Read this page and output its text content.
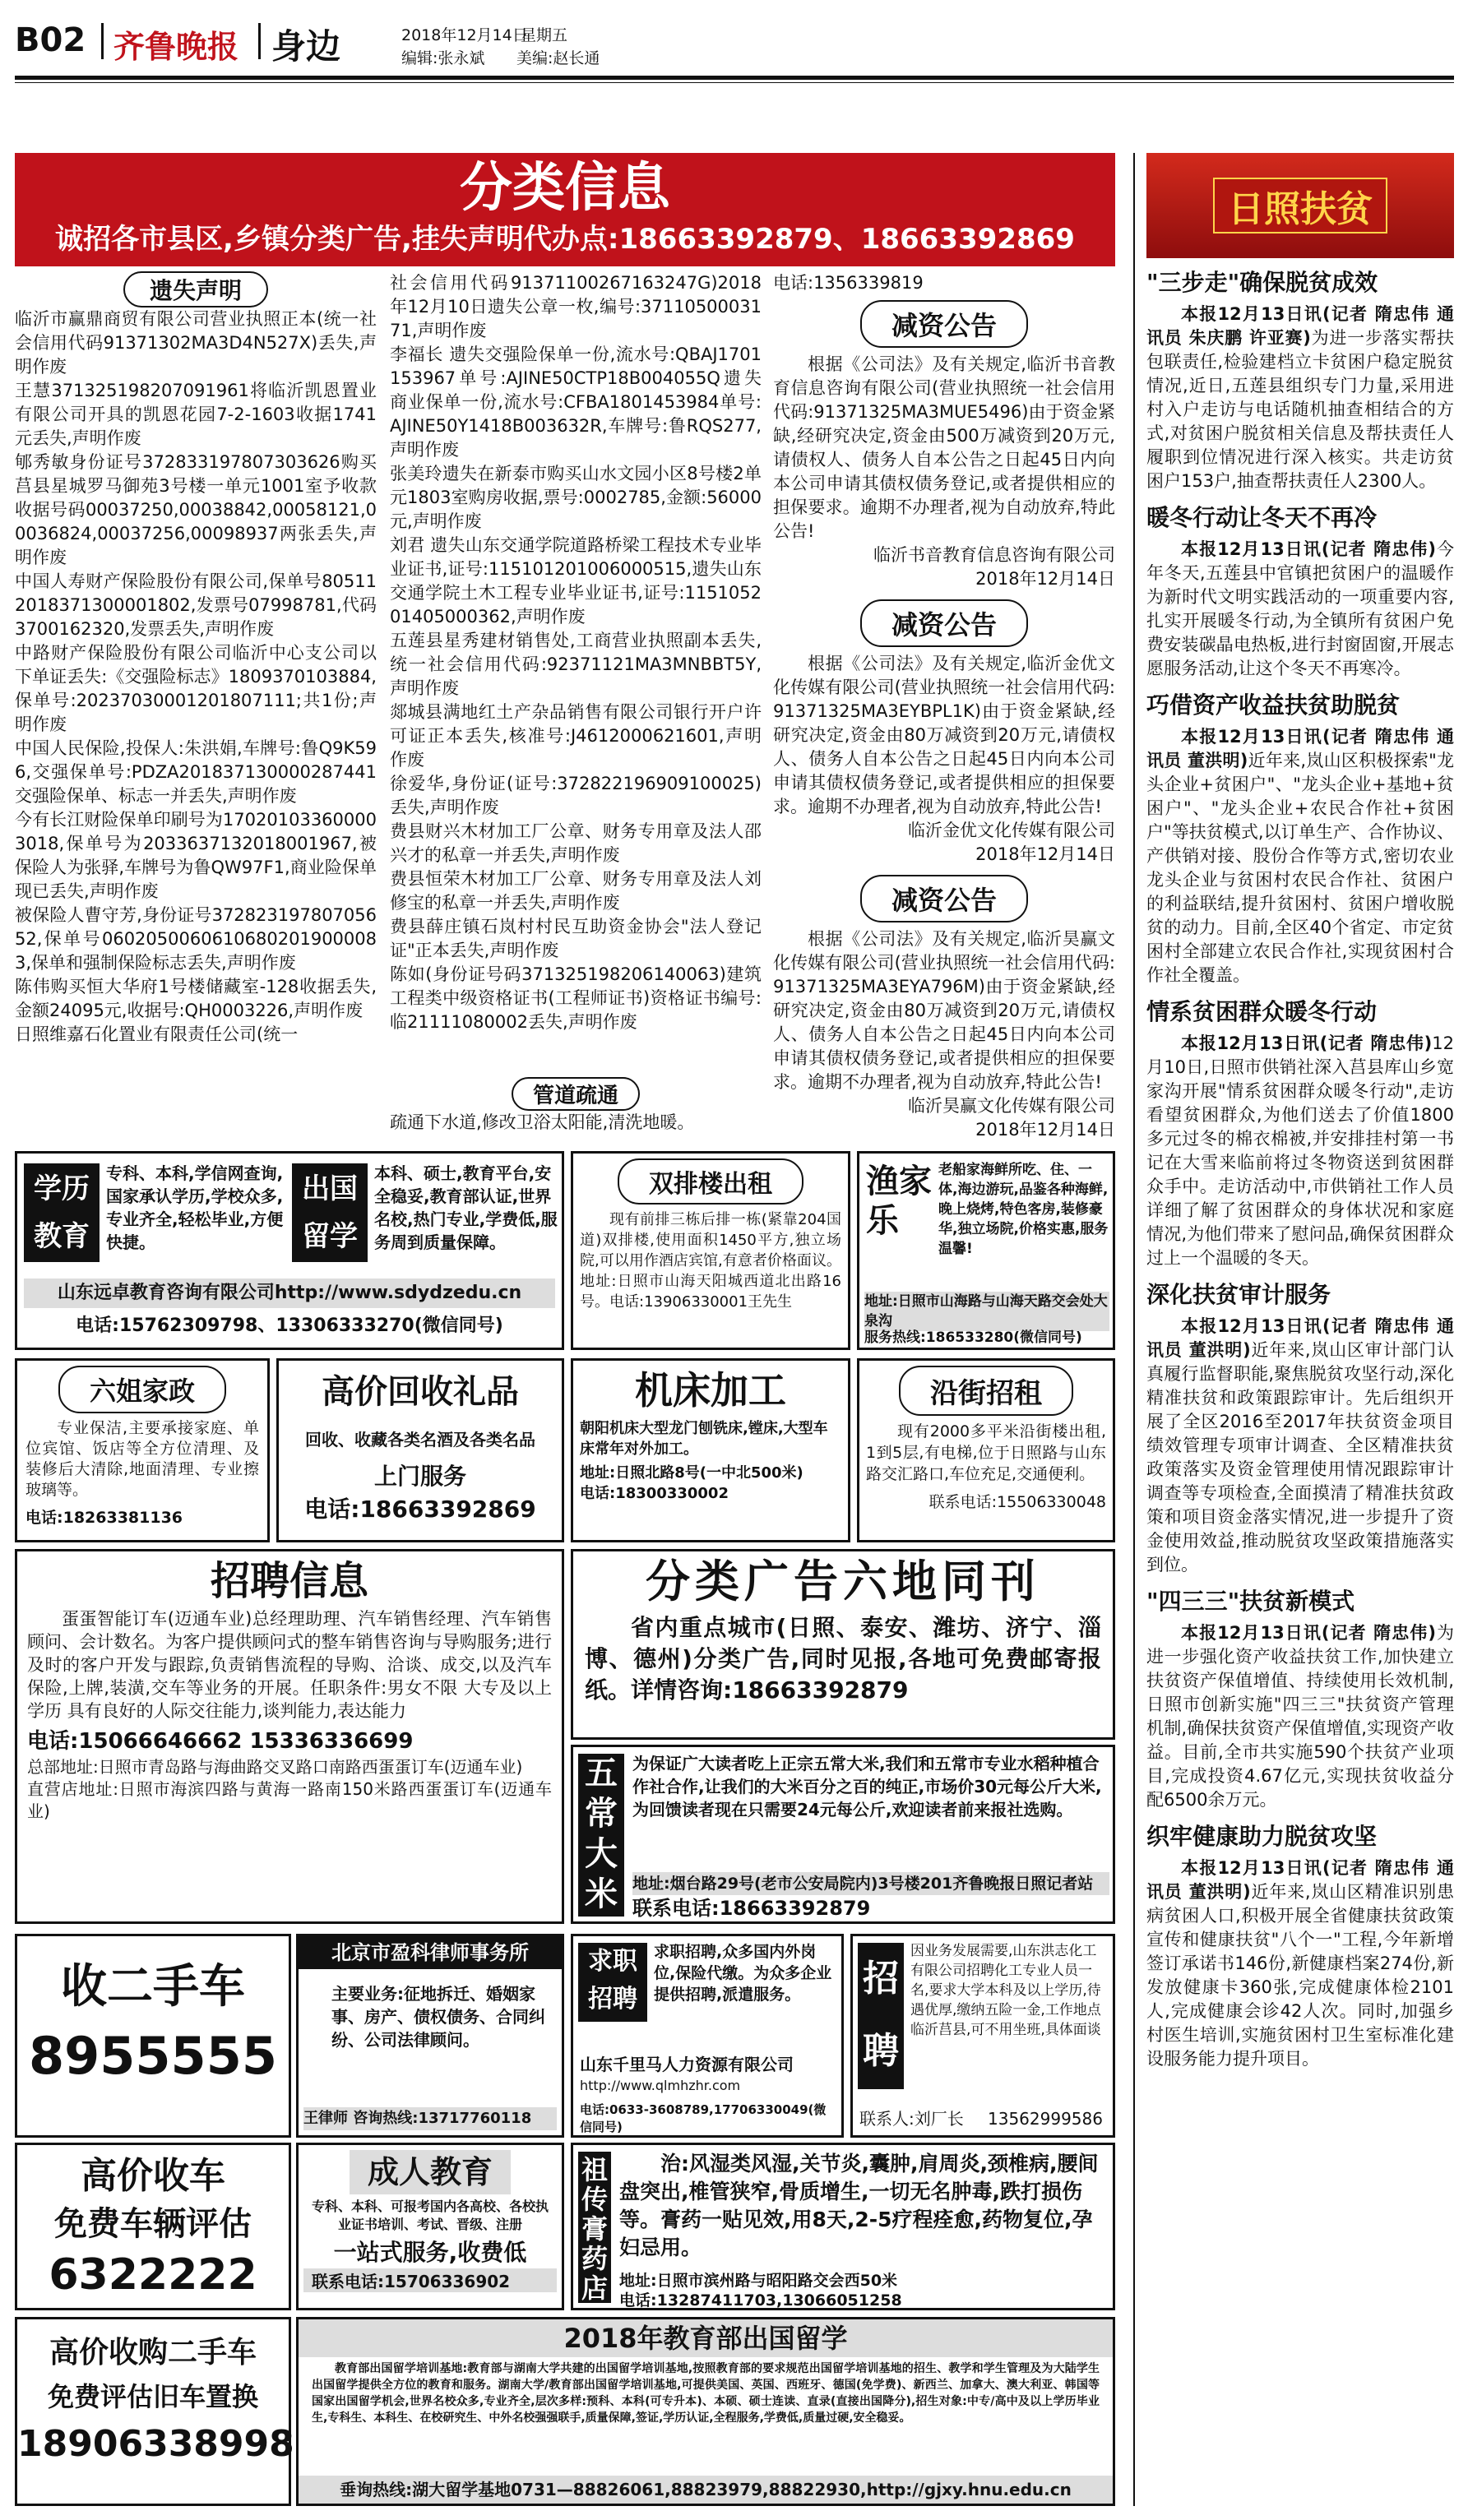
B02 齐鲁晚报 身边	2018年12月14日
星期五
编辑:张永斌 美编:赵长通
分类信息
诚招各市县区,乡镇分类广告,挂失声明代办点:18663392879、18663392869
遗失声明
临沂市赢鼎商贸有限公司营业执照正本(统一社会信用代码91371302MA3D4N527X)丢失,声明作废
王慧371325198207091961将临沂凯恩置业有限公司开具的凯恩花园7-2-1603收据1741元丢失,声明作废
郇秀敏身份证号372833197807303626购买莒县星城罗马御苑3号楼一单元1001室予收款收据号码00037250,00038842,00058121,00036824,00037256,00098937两张丢失,声明作废
中国人寿财产保险股份有限公司,保单号80511201837130000180​2,发票号07998781,代码3700162320,发票丢失,声明作废
中路财产保险股份有限公司临沂中心支公司以下单证丢失:《交强险标志》1809370103884,保单号:2023703000120180​7111;共1份;声明作废
中国人民保险,投保人:朱洪娟,车牌号:鲁Q9K596,交强保单号:PDZA201837130000287441交强险保单、标志一并丢失,声明作废
今有长江财险保单印刷号为170201033600003018,保单号为203363713201800196​7,被保险人为张驿,车牌号为鲁QW97F1,商业险保单现已丢失,声明作废
被保险人曹守芳,身份证号372823197807056​52,保单号06020500606106802019000083,保单和强制保险标志丢失,声明作废
陈伟购买恒大华府1号楼储藏室-128收据丢失,金额24095元,收据号:QH0003226,声明作废
日照维嘉石化置业有限责任公司(统一
社会信用代码91371100267163247G)2018年12月10日遗失公章一枚,编号:3711050003171,声明作废
李福长 遗失交强险保单一份,流水号:QBAJ170115396​7单号:AJINE50CTP18B004055Q遗失商业保单一份,流水号:CFBA1801453984单号:AJINE50Y1418B003632R,车牌号:鲁RQS277,声明作废
张美玲遗失在新泰市购买山水文园小区8号楼2单元1803室购房收据,票号:0002785,金额:56000元,声明作废
刘君 遗失山东交通学院道路桥梁工程技术专业毕业证书,证号:115101201006000515,遗失山东交通学院土木工程专业毕业证书,证号:115105201405000362,声明作废
五莲县星秀建材销售处,工商营业执照副本丢失,统一社会信用代码:92371121MA3MNBB​T5Y,声明作废
郯城县满地红土产杂品销售有限公司银行开户许可证正本丢失,核准号:J4612000621601,声明作废
徐爱华,身份证(证号:372822196909100025)丢失,声明作废
费县财兴木材加工厂公章、财务专用章及法人邵兴才的私章一并丢失,声明作废
费县恒荣木材加工厂公章、财务专用章及法人刘修宝的私章一并丢失,声明作废
费县薛庄镇石岚村村民互助资金协会"法人登记证"正本丢失,声明作废
陈如(身份证号码371325198206140063)建筑工程类中级资格证书(工程师证书)资格证书编号:临21111080002丢失,声明作废
管道疏通
疏通下水道,修改卫浴太阳能,清洗地暖。
电话:13563​39819
减资公告
根据《公司法》及有关规定,临沂书音教育信息咨询有限公司(营业执照统一社会信用代码:91371325MA3MUE5496)由于资金紧缺,经研究决定,资金由500万减资到20万元,请债权人、债务人自本公告之日起45日内向本公司申请其债权债务登记,或者提供相应的担保要求。逾期不办理者,视为自动放弃,特此公告!
临沂书音教育信息咨询有限公司
2018年12月14日
减资公告
根据《公司法》及有关规定,临沂金优文化传媒有限公司(营业执照统一社会信用代码:91371325MA3EYBPL1K)由于资金紧缺,经研究决定,资金由80万减资到20万元,请债权人、债务人自本公告之日起45日内向本公司申请其债权债务登记,或者提供相应的担保要求。逾期不办理者,视为自动放弃,特此公告!
临沂金优文化传媒有限公司
2018年12月14日
减资公告
根据《公司法》及有关规定,临沂昊赢文化传媒有限公司(营业执照统一社会信用代码:91371325MA3EYA796M)由于资金紧缺,经研究决定,资金由80万减资到20万元,请债权人、债务人自本公告之日起45日内向本公司申请其债权债务登记,或者提供相应的担保要求。逾期不办理者,视为自动放弃,特此公告!
临沂昊赢文化传媒有限公司
2018年12月14日
学历教育
专科、本科,学信网查询,国家承认学历,学校众多,专业齐全,轻松毕业,方便快捷。
出国留学
本科、硕士,教育平台,安全稳妥,教育部认证,世界名校,热门专业,学费低,服务周到质量保障。
山东远卓教育咨询有限公司http://www.sdydzedu.cn
电话:15762309798、13306333270(微信同号)
双排楼出租
现有前排三栋后排一栋(紧靠204国道)双排楼,使用面积1450平方,独立场院,可以用作酒店宾馆,有意者价格面议。地址:日照市山海天阳城西道北出路16号。电话:13906330001王先生
渔家乐
老船家海鲜所吃、住、一体,海边游玩,品鉴各种海鲜,晚上烧烤,特色客房,装修豪华,独立场院,价格实惠,服务温馨!
地址:日照市山海路与山海天路交会处大泉沟
服务热线:18653328​0(微信同号)
六姐家政
专业保洁,主要承接家庭、单位宾馆、饭店等全方位清理、及装修后大清除,地面清理、专业擦玻璃等。
电话:18263381136
高价回收礼品
回收、收藏各类名酒及各类名品
上门服务
电话:18663392869
机床加工
朝阳机床大型龙门刨铣床,镗床,大型车床常年对外加工。
地址:日照北路8号(一中北500米)
电话:18300330002
沿街招租
现有2000多平米沿街楼出租,1到5层,有电梯,位于日照路与山东路交汇路口,车位充足,交通便利。
联系电话:15506330048
招聘信息
蛋蛋智能订车(迈通车业)总经理助理、汽车销售经理、汽车销售顾问、会计数名。为客户提供顾问式的整车销售咨询与导购服务;进行及时的客户开发与跟踪,负责销售流程的导购、洽谈、成交,以及汽车保险,上牌,装潢,交车等业务的开展。任职条件:男女不限 大专及以上学历 具有良好的人际交往能力,谈判能力,表达能力
电话:15066646662 15336336699
总部地址:日照市青岛路与海曲路交叉路口南路西蛋蛋订车(迈通车业)
直营店地址:日照市海滨四路与黄海一路南150米路西蛋蛋订车(迈通车业)
分类广告六地同刊
省内重点城市(日照、泰安、潍坊、济宁、淄博、德州)分类广告,同时见报,各地可免费邮寄报纸。详情咨询:18663392879
五常大米
为保证广大读者吃上正宗五常大米,我们和五常市专业水稻种植合作社合作,让我们的大米百分之百的纯正,市场价30元每公斤大米,为回馈读者现在只需要24元每公斤,欢迎读者前来报社选购。
地址:烟台路29号(老市公安局院内)3号楼201齐鲁晚报日照记者站
联系电话:18663392879
收二手车
8955555
北京市盈科律师事务所
主要业务:征地拆迁、婚姻家事、房产、债权债务、合同纠纷、公司法律顾问。
王律师 咨询热线:13717760118
求职招聘
求职招聘,众多国内外岗位,保险代缴。为众多企业提供招聘,派遣服务。
山东千里马人力资源有限公司
http://www.qlmhzhr.com
电话:0633-3608789,17706330049(微信同号)
招聘
因业务发展需要,山东洪志化工有限公司招聘化工专业人员一名,要求大学本科及以上学历,待遇优厚,缴纳五险一金,工作地点临沂莒县,可不用坐班,具体面谈
联系人:刘厂长 13562999586
高价收车
免费车辆评估
6322222
成人教育
专科、本科、可报考国内各高校、各校执业证书培训、考试、晋级、注册
一站式服务,收费低
联系电话:15706336902
祖传膏药店
治:风湿类风湿,关节炎,囊肿,肩周炎,颈椎病,腰间盘突出,椎管狭窄,骨质增生,一切无名肿毒,跌打损伤等。膏药一贴见效,用8天,2-5疗程痊愈,药物复位,孕妇忌用。
地址:日照市滨州路与昭阳路交会西50米
电话:13287411703,13066051258
高价收购二手车
免费评估旧车置换
18906338998
2018年教育部出国留学
教育部出国留学培训基地:教育部与湖南大学共建的出国留学培训基地,按照教育部的要求规范出国留学培训基地的招生、教学和学生管理及为大陆学生出国留学提供全方位的教育和服务。湖南大学/教育部出国留学培训基地,可提供美国、英国、西班牙、德国(免学费)、新西兰、加拿大、澳大利亚、韩国等国家出国留学机会,世界名校众多,专业齐全,层次多样:预科、本科(可专升本)、本硕、硕士连读、直录(直接出国降分),招生对象:中专/高中及以上学历毕业生,专科生、本科生、在校研究生、中外名校强强联手,质量保障,签证,学历认证,全程服务,学费低,质量过硬,安全稳妥。
垂询热线:湖大留学基地0731—88826061,88823979,88822930,http://gjxy.hnu.edu.cn
日照扶贫
"三步走"确保脱贫成效
本报12月13日讯(记者 隋忠伟 通讯员 朱庆鹏 许亚赛)为进一步落实帮扶包联责任,检验建档立卡贫困户稳定脱贫情况,近日,五莲县组织专门力量,采用进村入户走访与电话随机抽查相结合的方式,对贫困户脱贫相关信息及帮扶责任人履职到位情况进行深入核实。共走访贫困户153户,抽查帮扶责任人2300人。
暖冬行动让冬天不再冷
本报12月13日讯(记者 隋忠伟)今年冬天,五莲县中官镇把贫困户的温暖作为新时代文明实践活动的一项重要内容,扎实开展暖冬行动,为全镇所有贫困户免费安装碳晶电热板,进行封窗固窗,开展志愿服务活动,让这个冬天不再寒冷。
巧借资产收益扶贫助脱贫
本报12月13日讯(记者 隋忠伟 通讯员 董洪明)近年来,岚山区积极探索"龙头企业+贫困户"、"龙头企业+基地+贫困户"、"龙头企业+农民合作社+贫困户"等扶贫模式,以订单生产、合作协议、产供销对接、股份合作等方式,密切农业龙头企业与贫困村农民合作社、贫困户的利益联结,提升贫困村、贫困户增收脱贫的动力。目前,全区40个省定、市定贫困村全部建立农民合作社,实现贫困村合作社全覆盖。
情系贫困群众暖冬行动
本报12月13日讯(记者 隋忠伟)12月10日,日照市供销社深入莒县库山乡宽家沟开展"情系贫困群众暖冬行动",走访看望贫困群众,为他们送去了价值1800多元过冬的棉衣棉被,并安排挂村第一书记在大雪来临前将过冬物资送到贫困群众手中。走访活动中,市供销社工作人员详细了解了贫困群众的身体状况和家庭情况,为他们带来了慰问品,确保贫困群众过上一个温暖的冬天。
深化扶贫审计服务
本报12月13日讯(记者 隋忠伟 通讯员 董洪明)近年来,岚山区审计部门认真履行监督职能,聚焦脱贫攻坚行动,深化精准扶贫和政策跟踪审计。先后组织开展了全区2016至2017年扶贫资金项目绩效管理专项审计调查、全区精准扶贫政策落实及资金管理使用情况跟踪审计调查等专项检查,全面摸清了精准扶贫政策和项目资金落实情况,进一步提升了资金使用效益,推动脱贫攻坚政策措施落实到位。
"四三三"扶贫新模式
本报12月13日讯(记者 隋忠伟)为进一步强化资产收益扶贫工作,加快建立扶贫资产保值增值、持续使用长效机制,日照市创新实施"四三三"扶贫资产管理机制,确保扶贫资产保值增值,实现资产收益。目前,全市共实施590个扶贫产业项目,完成投资4.67亿元,实现扶贫收益分配6500余万元。
织牢健康助力脱贫攻坚
本报12月13日讯(记者 隋忠伟 通讯员 董洪明)近年来,岚山区精准识别患病贫困人口,积极开展全省健康扶贫政策宣传和健康扶贫"八个一"工程,今年新增签订承诺书146份,新健康档案274份,新发放健康卡360张,完成健康体检2101人,完成健康会诊42人次。同时,加强乡村医生培训,实施贫困村卫生室标准化建设服务能力提升项目。
